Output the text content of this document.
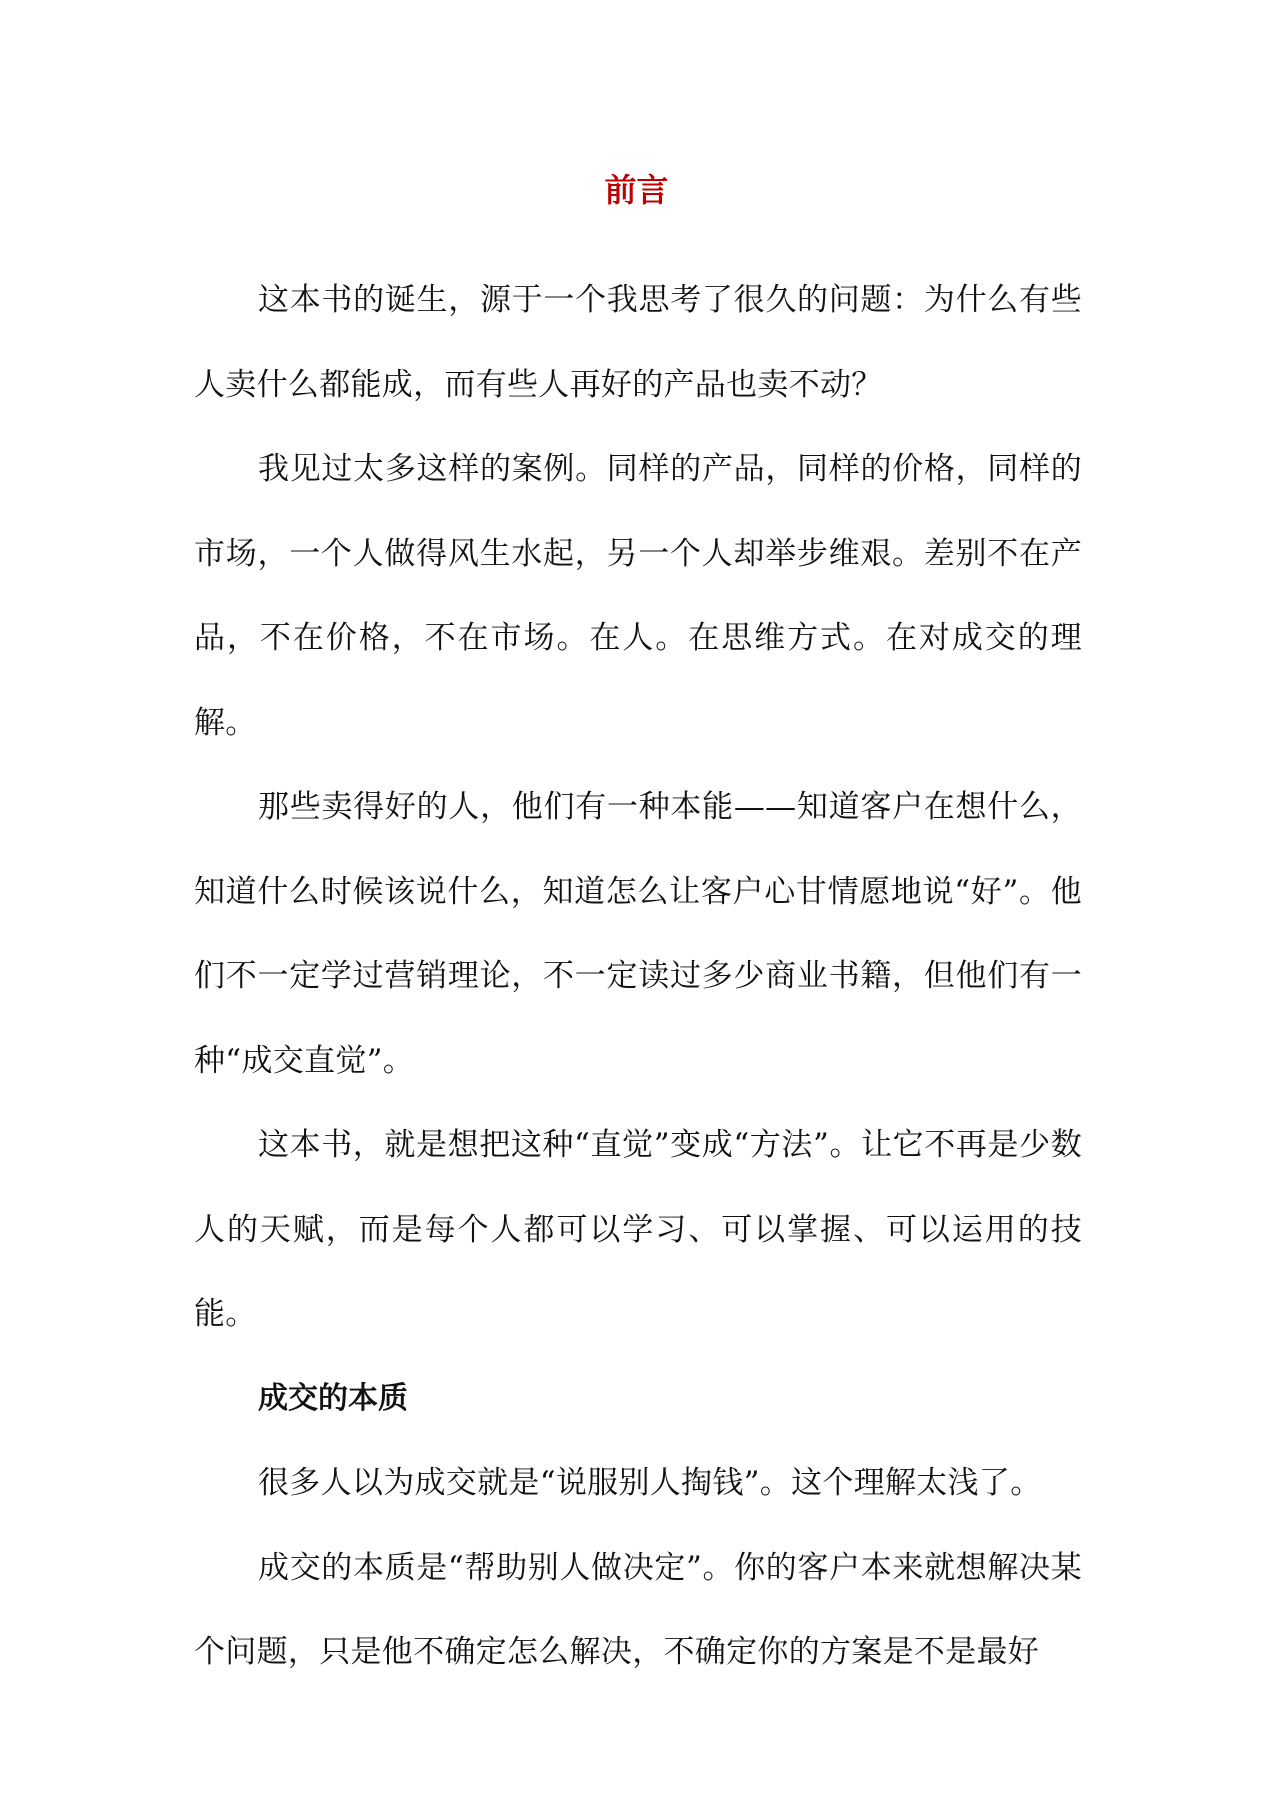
前言

这本书的诞生，源于一个我思考了很久的问题：为什么有些人卖什么都能成，而有些人再好的产品也卖不动？

我见过太多这样的案例。同样的产品，同样的价格，同样的市场，一个人做得风生水起，另一个人却举步维艰。差别不在产品，不在价格，不在市场。在人。在思维方式。在对成交的理解。

那些卖得好的人，他们有一种本能——知道客户在想什么，知道什么时候该说什么，知道怎么让客户心甘情愿地说“好”。他们不一定学过营销理论，不一定读过多少商业书籍，但他们有一种“成交直觉”。

这本书，就是想把这种“直觉”变成“方法”。让它不再是少数人的天赋，而是每个人都可以学习、可以掌握、可以运用的技能。

成交的本质

很多人以为成交就是“说服别人掏钱”。这个理解太浅了。

成交的本质是“帮助别人做决定”。你的客户本来就想解决某个问题，只是他不确定怎么解决，不确定你的方案是不是最好
